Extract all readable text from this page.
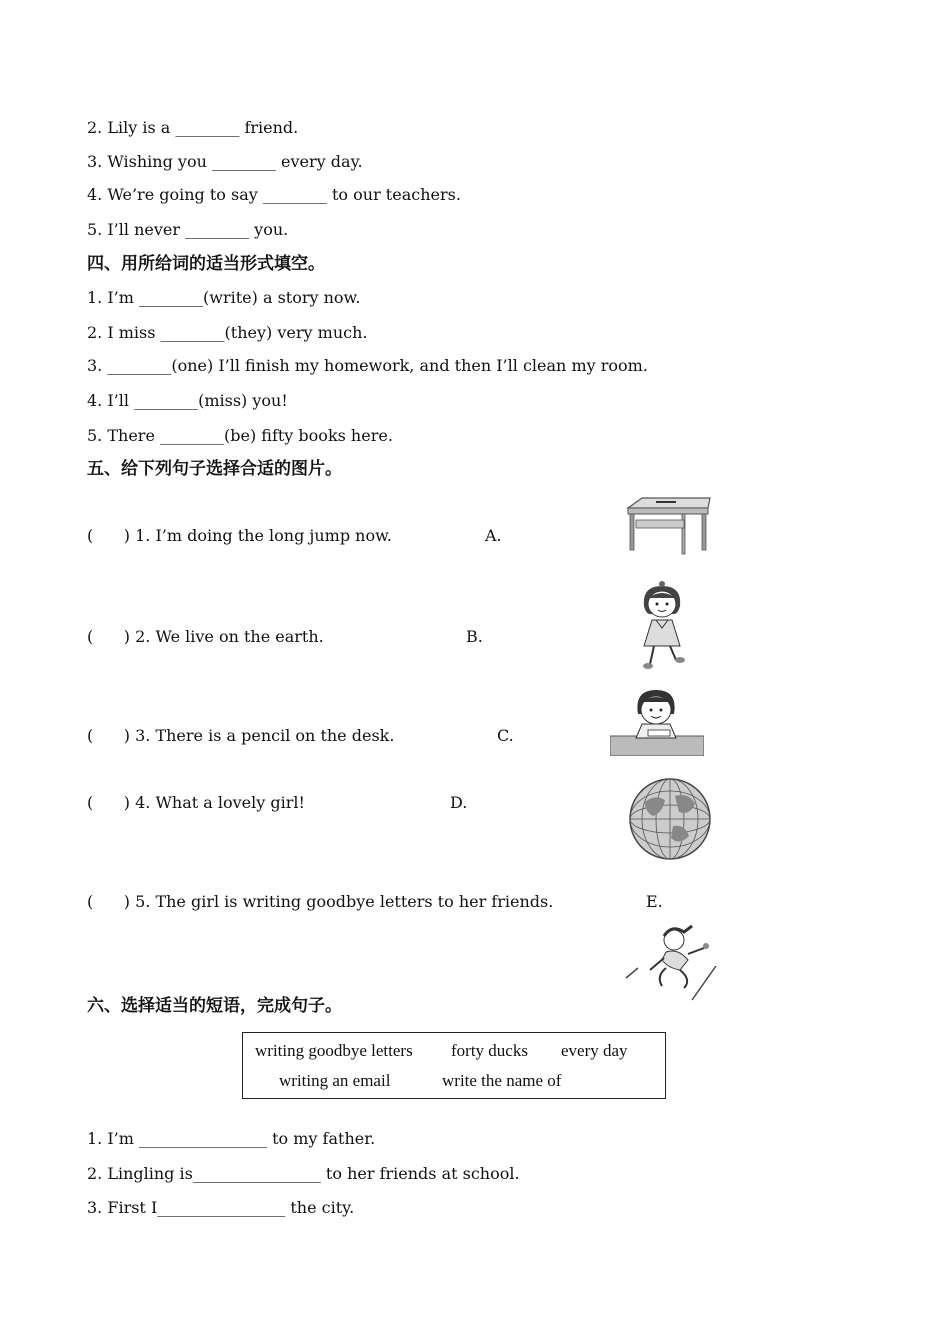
2. Lily is a ________ friend.
3. Wishing you ________ every day.
4. We’re going to say ________ to our teachers.
5. I’ll never ________ you.
四、用所给词的适当形式填空。
1. I’m ________(write) a story now.
2. I miss ________(they) very much.
3. ________(one) I’ll finish my homework, and then I’ll clean my room.
4. I’ll ________(miss) you!
5. There ________(be) fifty books here.
五、给下列句子选择合适的图片。
(      ) 1. I’m doing the long jump now.	A.
(      ) 2. We live on the earth.	B.
(      ) 3. There is a pencil on the desk.	C.
(      ) 4. What a lovely girl!	D.
(      ) 5. The girl is writing goodbye letters to her friends.	E.
六、选择适当的短语，完成句子。
writing goodbye letters forty ducks every day
writing an email	write the name of
1. I’m ________________ to my father.
2. Lingling is________________ to her friends at school.
3. First I________________ the city.
